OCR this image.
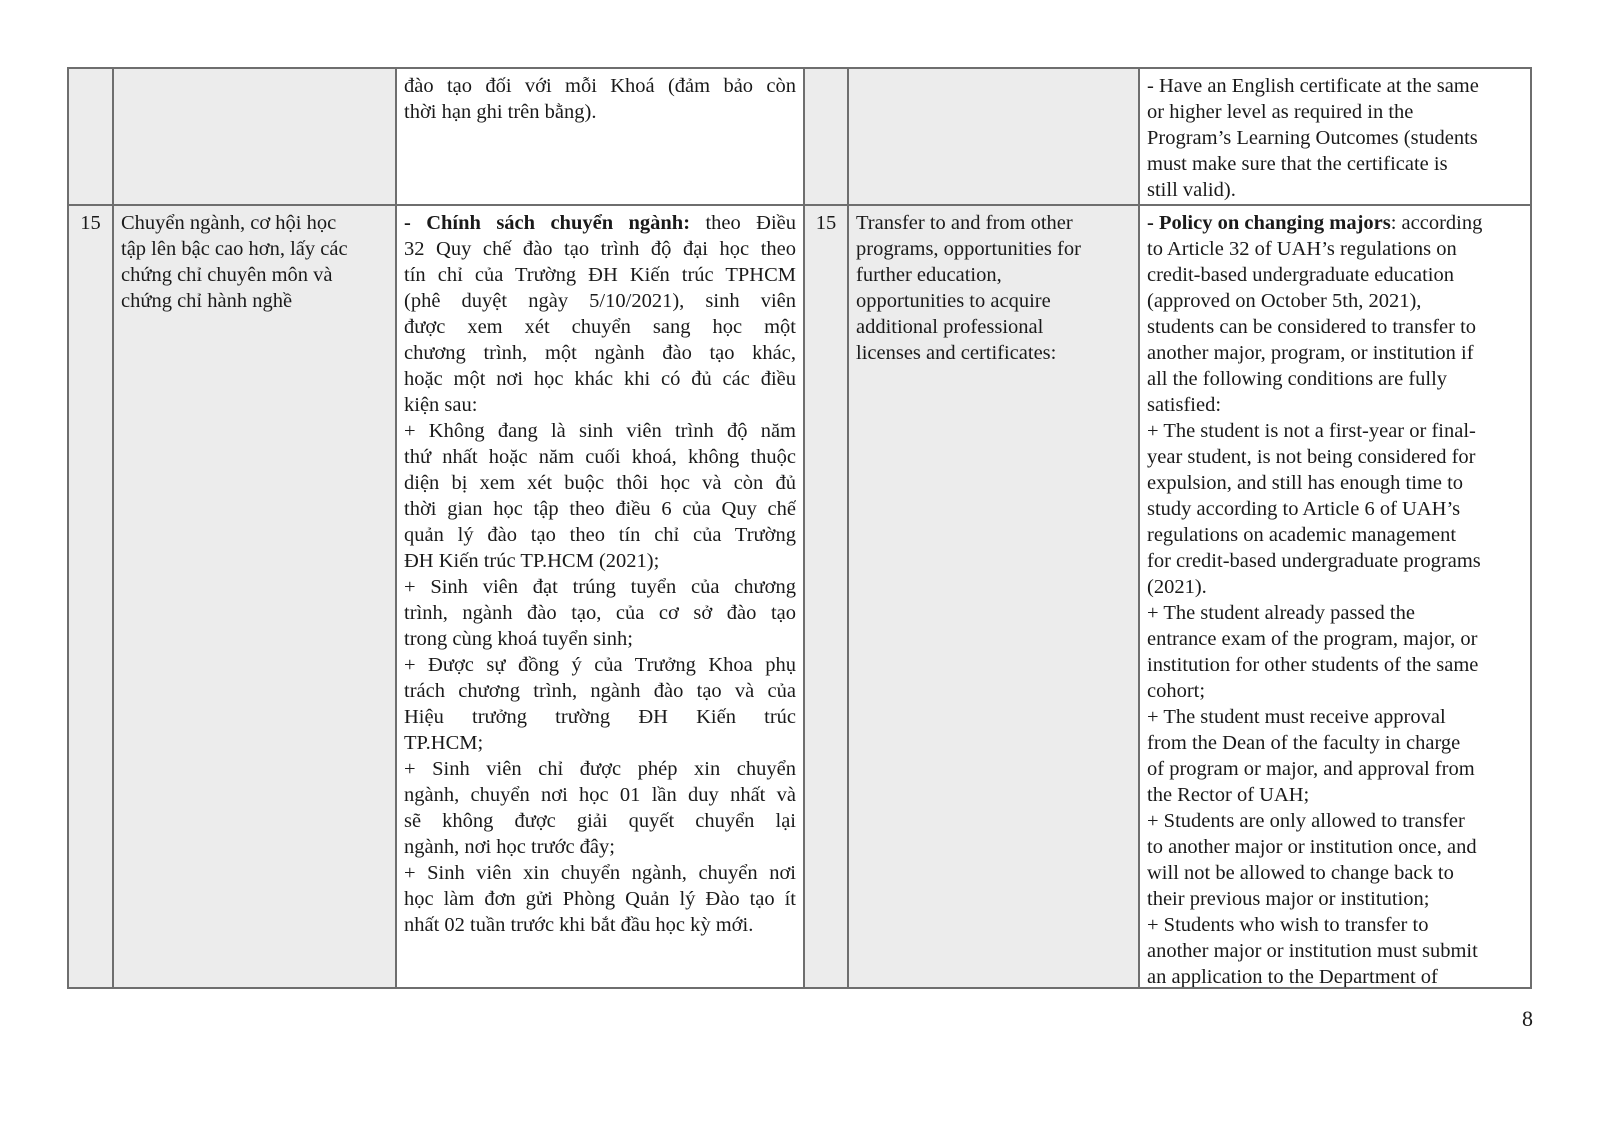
đào tạo đối với mỗi Khoá (đảm bảo còn
thời hạn ghi trên bằng).
- Have an English certificate at the same
or higher level as required in the
Program’s Learning Outcomes (students
must make sure that the certificate is
still valid).
15 Chuyển ngành, cơ hội học
tập lên bậc cao hơn, lấy các
chứng chỉ chuyên môn và
chứng chỉ hành nghề
- Chính sách chuyển ngành: theo Điều
32 Quy chế đào tạo trình độ đại học theo
tín chỉ của Trường ĐH Kiến trúc TPHCM
(phê duyệt ngày 5/10/2021), sinh viên
được xem xét chuyển sang học một
chương trình, một ngành đào tạo khác,
hoặc một nơi học khác khi có đủ các điều
kiện sau:
+ Không đang là sinh viên trình độ năm
thứ nhất hoặc năm cuối khoá, không thuộc
diện bị xem xét buộc thôi học và còn đủ
thời gian học tập theo điều 6 của Quy chế
quản lý đào tạo theo tín chỉ của Trường
ĐH Kiến trúc TP.HCM (2021);
+ Sinh viên đạt trúng tuyển của chương
trình, ngành đào tạo, của cơ sở đào tạo
trong cùng khoá tuyển sinh;
+ Được sự đồng ý của Trưởng Khoa phụ
trách chương trình, ngành đào tạo và của
Hiệu trưởng trường ĐH Kiến trúc
TP.HCM;
+ Sinh viên chỉ được phép xin chuyển
ngành, chuyển nơi học 01 lần duy nhất và
sẽ không được giải quyết chuyển lại
ngành, nơi học trước đây;
+ Sinh viên xin chuyển ngành, chuyển nơi
học làm đơn gửi Phòng Quản lý Đào tạo ít
nhất 02 tuần trước khi bắt đầu học kỳ mới.
15 Transfer to and from other
programs, opportunities for
further education,
opportunities to acquire
additional professional
licenses and certificates:
- Policy on changing majors: according
to Article 32 of UAH’s regulations on
credit-based undergraduate education
(approved on October 5th, 2021),
students can be considered to transfer to
another major, program, or institution if
all the following conditions are fully
satisfied:
+ The student is not a first-year or final-
year student, is not being considered for
expulsion, and still has enough time to
study according to Article 6 of UAH’s
regulations on academic management
for credit-based undergraduate programs
(2021).
+ The student already passed the
entrance exam of the program, major, or
institution for other students of the same
cohort;
+ The student must receive approval
from the Dean of the faculty in charge
of program or major, and approval from
the Rector of UAH;
+ Students are only allowed to transfer
to another major or institution once, and
will not be allowed to change back to
their previous major or institution;
+ Students who wish to transfer to
another major or institution must submit
an application to the Department of
8
